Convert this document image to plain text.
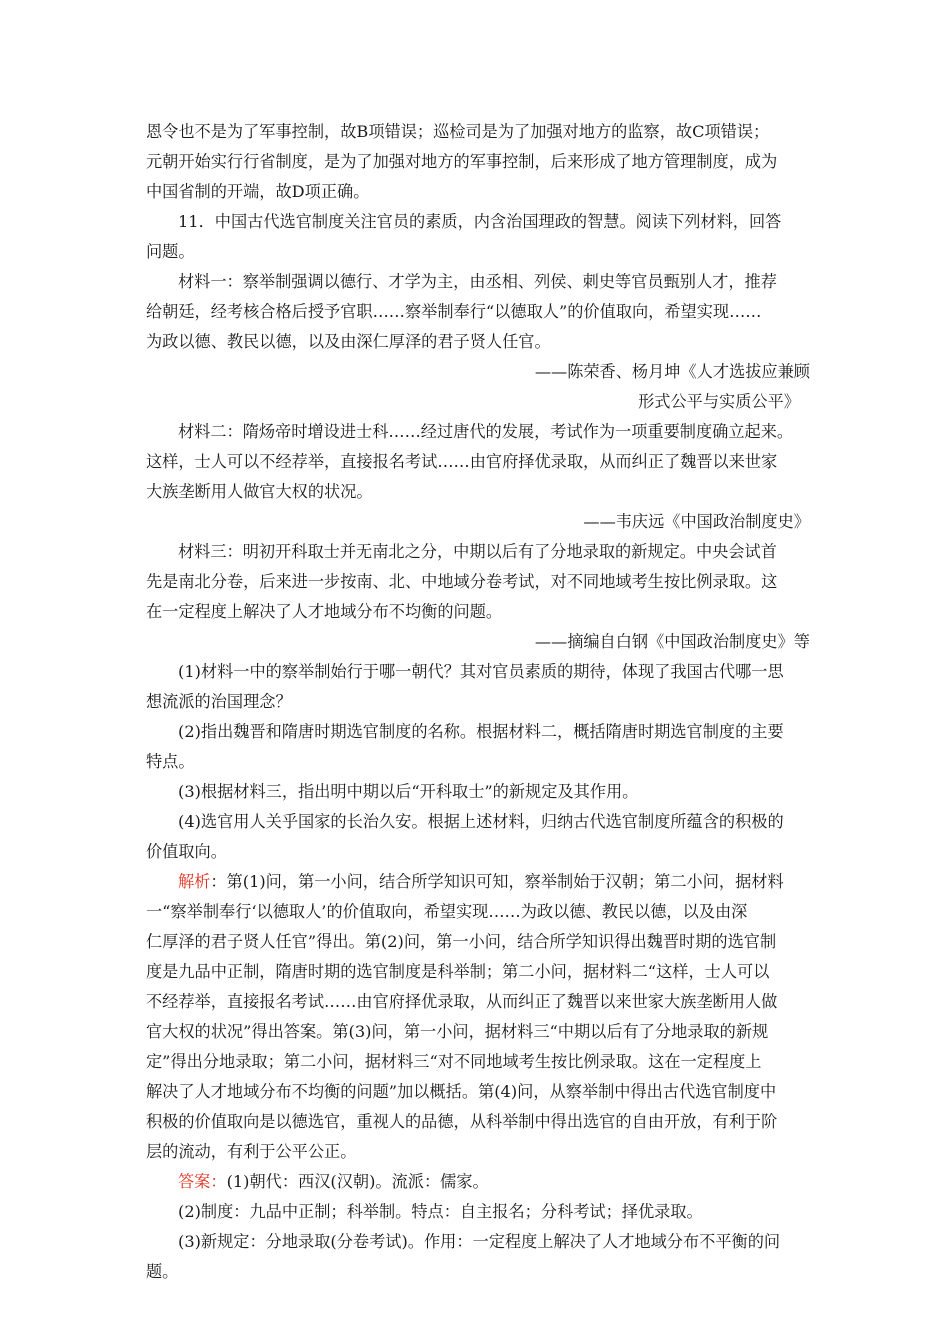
恩令也不是为了军事控制，故B项错误；巡检司是为了加强对地方的监察，故C项错误；
元朝开始实行行省制度，是为了加强对地方的军事控制，后来形成了地方管理制度，成为
中国省制的开端，故D项正确。
11．中国古代选官制度关注官员的素质，内含治国理政的智慧。阅读下列材料，回答
问题。
材料一：察举制强调以德行、才学为主，由丞相、列侯、刺史等官员甄别人才，推荐
给朝廷，经考核合格后授予官职……察举制奉行“以德取人”的价值取向，希望实现……
为政以德、教民以德，以及由深仁厚泽的君子贤人任官。
——陈荣香、杨月坤《人才选拔应兼顾
形式公平与实质公平》
材料二：隋炀帝时增设进士科……经过唐代的发展，考试作为一项重要制度确立起来。
这样，士人可以不经荐举，直接报名考试……由官府择优录取，从而纠正了魏晋以来世家
大族垄断用人做官大权的状况。
——韦庆远《中国政治制度史》
材料三：明初开科取士并无南北之分，中期以后有了分地录取的新规定。中央会试首
先是南北分卷，后来进一步按南、北、中地域分卷考试，对不同地域考生按比例录取。这
在一定程度上解决了人才地域分布不均衡的问题。
——摘编自白钢《中国政治制度史》等
(1)材料一中的察举制始行于哪一朝代？其对官员素质的期待，体现了我国古代哪一思
想流派的治国理念？
(2)指出魏晋和隋唐时期选官制度的名称。根据材料二，概括隋唐时期选官制度的主要
特点。
(3)根据材料三，指出明中期以后“开科取士”的新规定及其作用。
(4)选官用人关乎国家的长治久安。根据上述材料，归纳古代选官制度所蕴含的积极的
价值取向。
解析：第(1)问，第一小问，结合所学知识可知，察举制始于汉朝；第二小问，据材料
一“察举制奉行‘以德取人’的价值取向，希望实现……为政以德、教民以德，以及由深
仁厚泽的君子贤人任官”得出。第(2)问，第一小问，结合所学知识得出魏晋时期的选官制
度是九品中正制，隋唐时期的选官制度是科举制；第二小问，据材料二“这样，士人可以
不经荐举，直接报名考试……由官府择优录取，从而纠正了魏晋以来世家大族垄断用人做
官大权的状况”得出答案。第(3)问，第一小问，据材料三“中期以后有了分地录取的新规
定”得出分地录取；第二小问，据材料三“对不同地域考生按比例录取。这在一定程度上
解决了人才地域分布不均衡的问题”加以概括。第(4)问，从察举制中得出古代选官制度中
积极的价值取向是以德选官，重视人的品德，从科举制中得出选官的自由开放，有利于阶
层的流动，有利于公平公正。
答案：(1)朝代：西汉(汉朝)。流派：儒家。
(2)制度：九品中正制；科举制。特点：自主报名；分科考试；择优录取。
(3)新规定：分地录取(分卷考试)。作用：一定程度上解决了人才地域分布不平衡的问
题。
